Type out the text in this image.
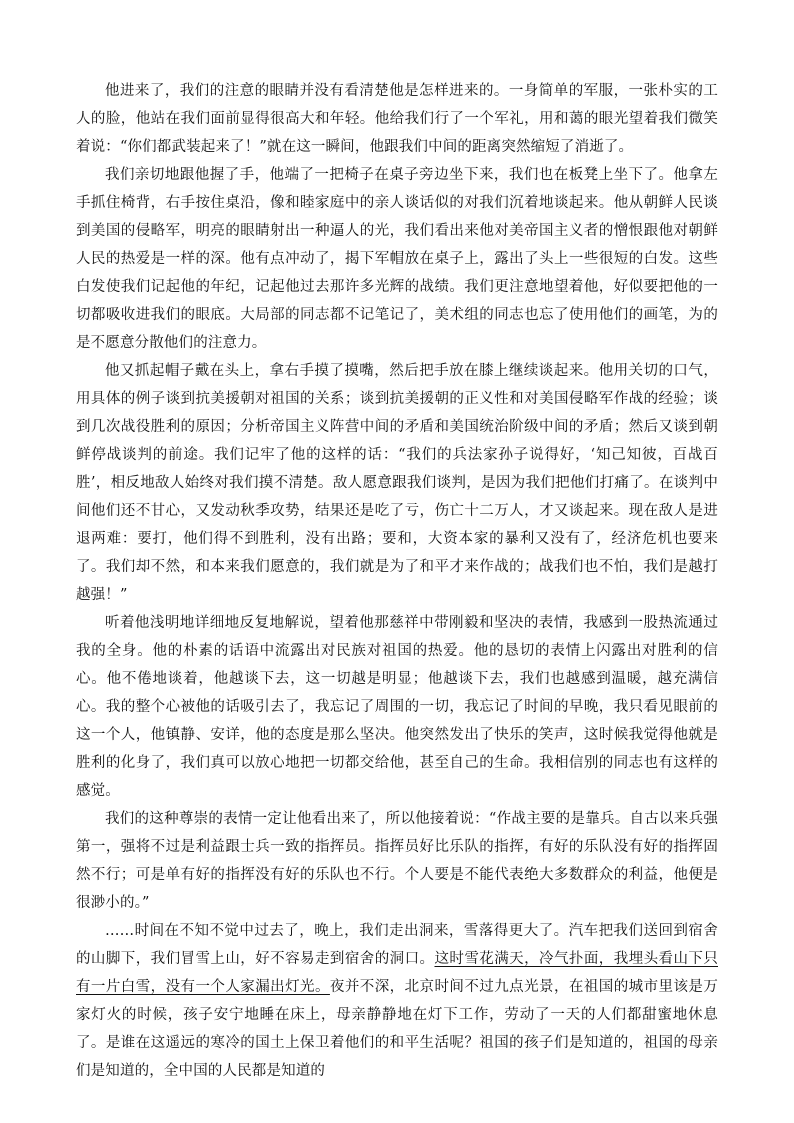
他进来了，我们的注意的眼睛并没有看清楚他是怎样进来的。一身简单的军服，一张朴实的工人的脸，他站在我们面前显得很高大和年轻。他给我们行了一个军礼，用和蔼的眼光望着我们微笑着说：“你们都武装起来了！”就在这一瞬间，他跟我们中间的距离突然缩短了消逝了。

我们亲切地跟他握了手，他端了一把椅子在桌子旁边坐下来，我们也在板凳上坐下了。他拿左手抓住椅背，右手按住桌沿，像和睦家庭中的亲人谈话似的对我们沉着地谈起来。他从朝鲜人民谈到美国的侵略军，明亮的眼睛射出一种逼人的光，我们看出来他对美帝国主义者的憎恨跟他对朝鲜人民的热爱是一样的深。他有点冲动了，揭下军帽放在桌子上，露出了头上一些很短的白发。这些白发使我们记起他的年纪，记起他过去那许多光辉的战绩。我们更注意地望着他，好似要把他的一切都吸收进我们的眼底。大局部的同志都不记笔记了，美术组的同志也忘了使用他们的画笔，为的是不愿意分散他们的注意力。

他又抓起帽子戴在头上，拿右手摸了摸嘴，然后把手放在膝上继续谈起来。他用关切的口气，用具体的例子谈到抗美援朝对祖国的关系；谈到抗美援朝的正义性和对美国侵略军作战的经验；谈到几次战役胜利的原因；分析帝国主义阵营中间的矛盾和美国统治阶级中间的矛盾；然后又谈到朝鲜停战谈判的前途。我们记牢了他的这样的话：“我们的兵法家孙子说得好，‘知己知彼，百战百胜’，相反地敌人始终对我们摸不清楚。敌人愿意跟我们谈判，是因为我们把他们打痛了。在谈判中间他们还不甘心，又发动秋季攻势，结果还是吃了亏，伤亡十二万人，才又谈起来。现在敌人是进退两难：要打，他们得不到胜利，没有出路；要和，大资本家的暴利又没有了，经济危机也要来了。我们却不然，和本来我们愿意的，我们就是为了和平才来作战的；战我们也不怕，我们是越打越强！”

听着他浅明地详细地反复地解说，望着他那慈祥中带刚毅和坚决的表情，我感到一股热流通过我的全身。他的朴素的话语中流露出对民族对祖国的热爱。他的恳切的表情上闪露出对胜利的信心。他不倦地谈着，他越谈下去，这一切越是明显；他越谈下去，我们也越感到温暖，越充满信心。我的整个心被他的话吸引去了，我忘记了周围的一切，我忘记了时间的早晚，我只看见眼前的这一个人，他镇静、安详，他的态度是那么坚决。他突然发出了快乐的笑声，这时候我觉得他就是胜利的化身了，我们真可以放心地把一切都交给他，甚至自己的生命。我相信别的同志也有这样的感觉。

我们的这种尊崇的表情一定让他看出来了，所以他接着说：“作战主要的是靠兵。自古以来兵强第一，强将不过是利益跟士兵一致的指挥员。指挥员好比乐队的指挥，有好的乐队没有好的指挥固然不行；可是单有好的指挥没有好的乐队也不行。个人要是不能代表绝大多数群众的利益，他便是很渺小的。”

……时间在不知不觉中过去了，晚上，我们走出洞来，雪落得更大了。汽车把我们送回到宿舍的山脚下，我们冒雪上山，好不容易走到宿舍的洞口。这时雪花满天，冷气扑面，我埋头看山下只有一片白雪，没有一个人家漏出灯光。夜并不深，北京时间不过九点光景，在祖国的城市里该是万家灯火的时候，孩子安宁地睡在床上，母亲静静地在灯下工作，劳动了一天的人们都甜蜜地休息了。是谁在这遥远的寒冷的国土上保卫着他们的和平生活呢？祖国的孩子们是知道的，祖国的母亲们是知道的，全中国的人民都是知道的
